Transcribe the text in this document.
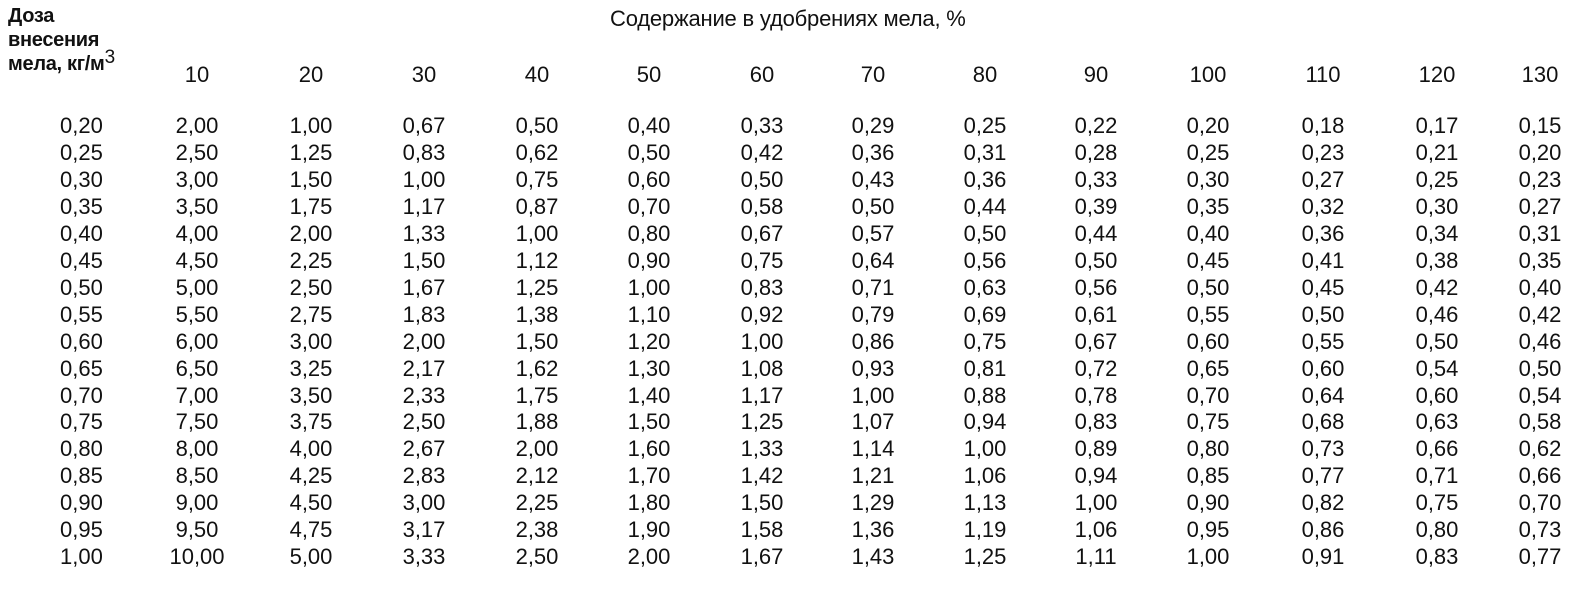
Доза
внесения
мела, $кг/м^3$
Содержание в удобрениях мела, %
10	20	30	40	50	60	70	80	90	100	110	120	130
0,20	2,00	1,00	0,67	0,50	0,40	0,33	0,29	0,25	0,22	0,20	0,18	0,17	0,15
0,25	2,50	1,25	0,83	0,62	0,50	0,42	0,36	0,31	0,28	0,25	0,23	0,21	0,20
0,30	3,00	1,50	1,00	0,75	0,60	0,50	0,43	0,36	0,33	0,30	0,27	0,25	0,23
0,35	3,50	1,75	1,17	0,87	0,70	0,58	0,50	0,44	0,39	0,35	0,32	0,30	0,27
0,40	4,00	2,00	1,33	1,00	0,80	0,67	0,57	0,50	0,44	0,40	0,36	0,34	0,31
0,45	4,50	2,25	1,50	1,12	0,90	0,75	0,64	0,56	0,50	0,45	0,41	0,38	0,35
0,50	5,00	2,50	1,67	1,25	1,00	0,83	0,71	0,63	0,56	0,50	0,45	0,42	0,40
0,55	5,50	2,75	1,83	1,38	1,10	0,92	0,79	0,69	0,61	0,55	0,50	0,46	0,42
0,60	6,00	3,00	2,00	1,50	1,20	1,00	0,86	0,75	0,67	0,60	0,55	0,50	0,46
0,65	6,50	3,25	2,17	1,62	1,30	1,08	0,93	0,81	0,72	0,65	0,60	0,54	0,50
0,70	7,00	3,50	2,33	1,75	1,40	1,17	1,00	0,88	0,78	0,70	0,64	0,60	0,54
0,75	7,50	3,75	2,50	1,88	1,50	1,25	1,07	0,94	0,83	0,75	0,68	0,63	0,58
0,80	8,00	4,00	2,67	2,00	1,60	1,33	1,14	1,00	0,89	0,80	0,73	0,66	0,62
0,85	8,50	4,25	2,83	2,12	1,70	1,42	1,21	1,06	0,94	0,85	0,77	0,71	0,66
0,90	9,00	4,50	3,00	2,25	1,80	1,50	1,29	1,13	1,00	0,90	0,82	0,75	0,70
0,95	9,50	4,75	3,17	2,38	1,90	1,58	1,36	1,19	1,06	0,95	0,86	0,80	0,73
1,00	10,00	5,00	3,33	2,50	2,00	1,67	1,43	1,25	1,11	1,00	0,91	0,83	0,77
